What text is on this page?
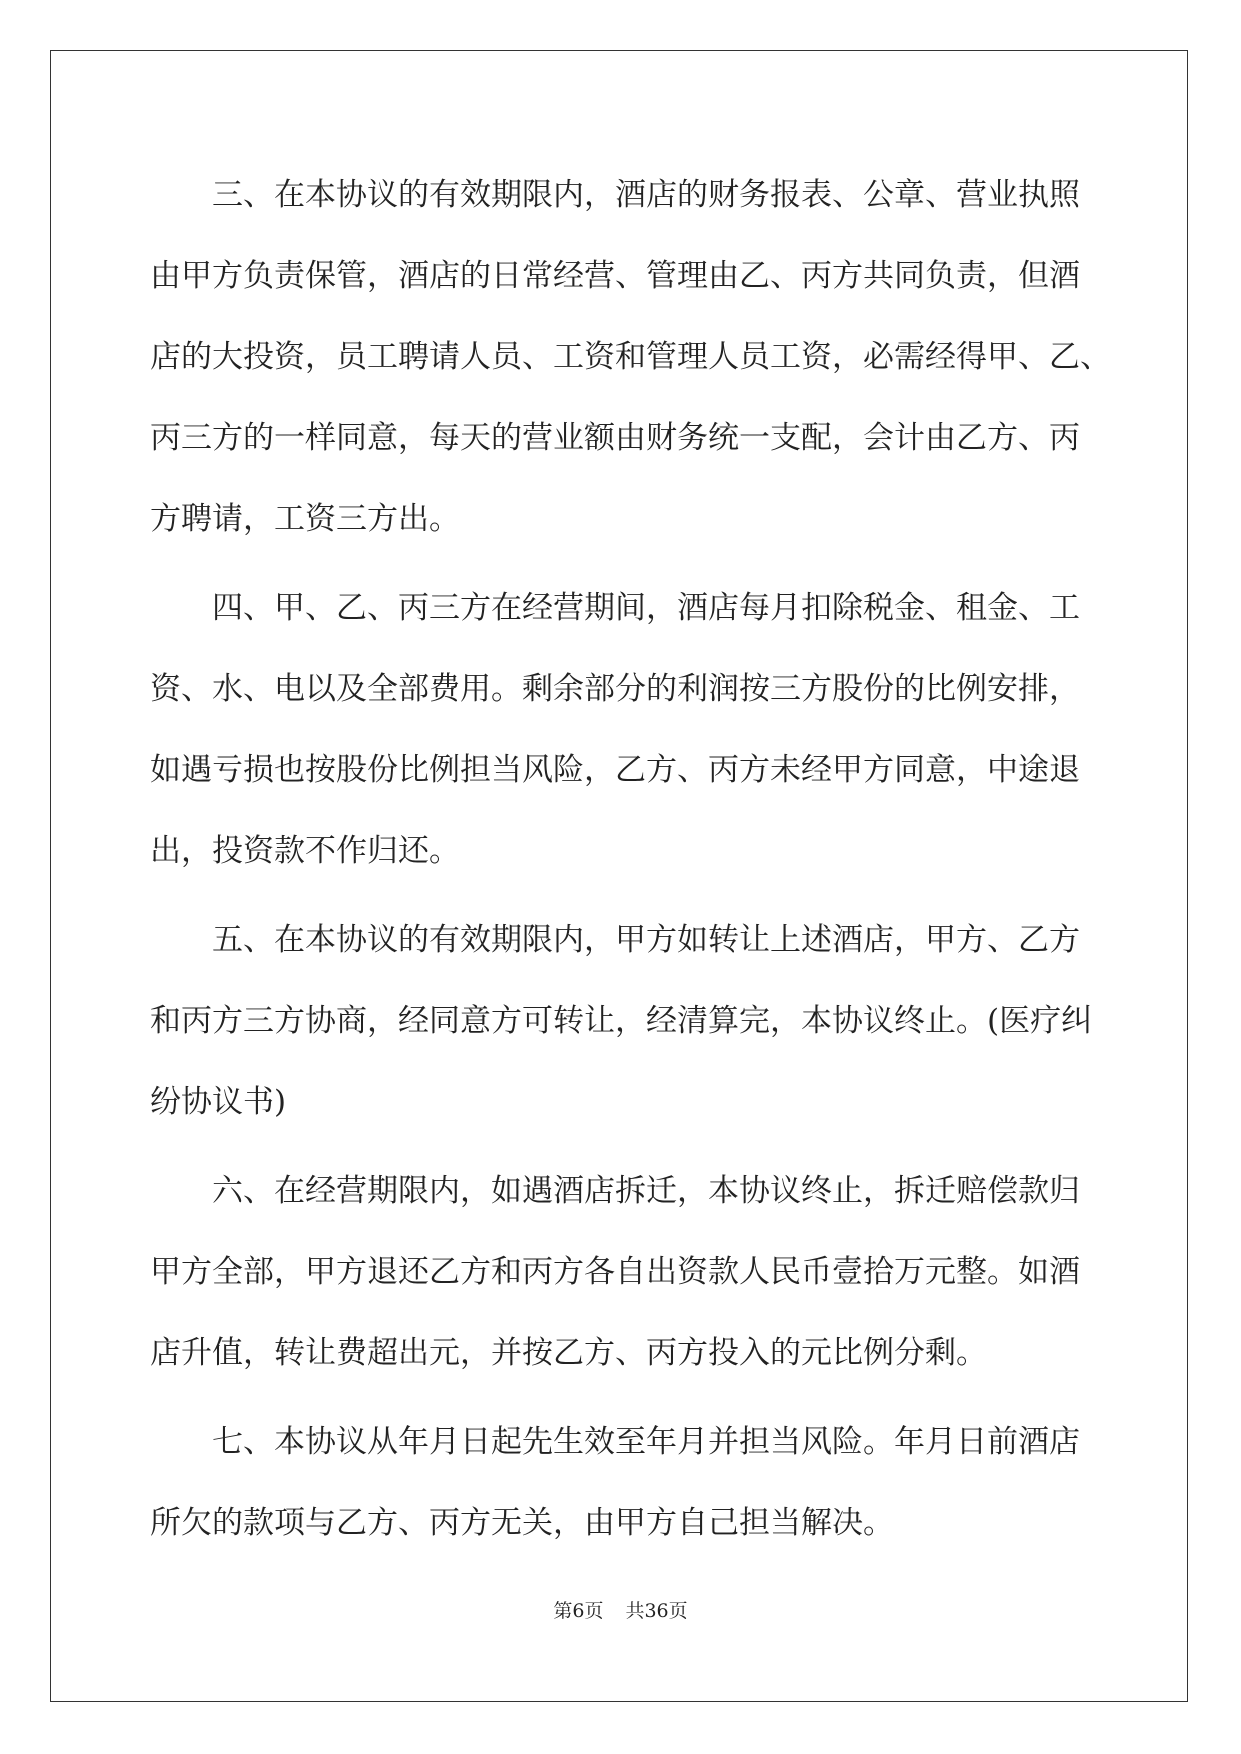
三、在本协议的有效期限内，酒店的财务报表、公章、营业执照
由甲方负责保管，酒店的日常经营、管理由乙、丙方共同负责，但酒
店的大投资，员工聘请人员、工资和管理人员工资，必需经得甲、乙、
丙三方的一样同意，每天的营业额由财务统一支配，会计由乙方、丙
方聘请，工资三方出。
四、甲、乙、丙三方在经营期间，酒店每月扣除税金、租金、工
资、水、电以及全部费用。剩余部分的利润按三方股份的比例安排，
如遇亏损也按股份比例担当风险，乙方、丙方未经甲方同意，中途退
出，投资款不作归还。
五、在本协议的有效期限内，甲方如转让上述酒店，甲方、乙方
和丙方三方协商，经同意方可转让，经清算完，本协议终止。(医疗纠
纷协议书)
六、在经营期限内，如遇酒店拆迁，本协议终止，拆迁赔偿款归
甲方全部，甲方退还乙方和丙方各自出资款人民币壹拾万元整。如酒
店升值，转让费超出元，并按乙方、丙方投入的元比例分剩。
七、本协议从年月日起先生效至年月并担当风险。年月日前酒店
所欠的款项与乙方、丙方无关，由甲方自己担当解决。
第6页 共36页
